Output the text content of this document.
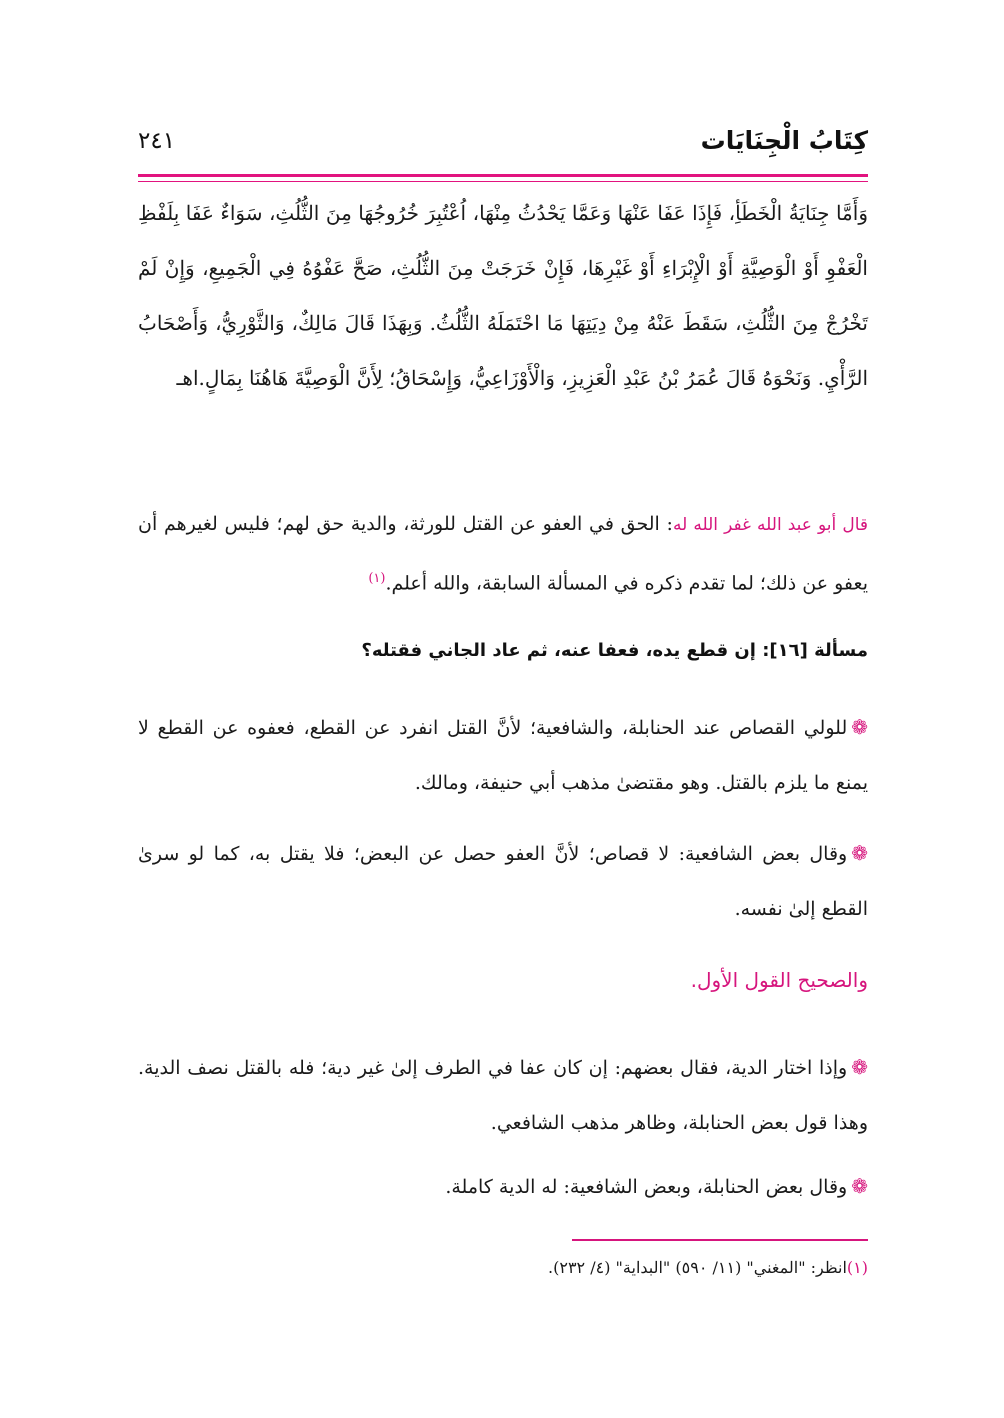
كِتَابُ الْجِنَايَات
٢٤١

وَأَمَّا جِنَايَةُ الْخَطَأِ، فَإِذَا عَفَا عَنْهَا وَعَمَّا يَحْدُثُ مِنْهَا، اُعْتُبِرَ خُرُوجُهَا مِنَ الثُّلُثِ، سَوَاءٌ عَفَا بِلَفْظِ الْعَفْوِ أَوْ الْوَصِيَّةِ أَوْ الْإِبْرَاءِ أَوْ غَيْرِهَا، فَإِنْ خَرَجَتْ مِنَ الثُّلُثِ، صَحَّ عَفْوُهُ فِي الْجَمِيعِ، وَإِنْ لَمْ تَخْرُجْ مِنَ الثُّلُثِ، سَقَطَ عَنْهُ مِنْ دِيَتِهَا مَا احْتَمَلَهُ الثُّلُثُ. وَبِهَذَا قَالَ مَالِكٌ، وَالثَّوْرِيُّ، وَأَصْحَابُ الرَّأْيِ. وَنَحْوَهُ قَالَ عُمَرُ بْنُ عَبْدِ الْعَزِيزِ، وَالْأَوْزَاعِيُّ، وَإِسْحَاقُ؛ لِأَنَّ الْوَصِيَّةَ هَاهُنَا بِمَالٍ.اهـ

قال أبو عبد الله غفر الله له: الحق في العفو عن القتل للورثة، والدية حق لهم؛ فليس لغيرهم أن يعفو عن ذلك؛ لما تقدم ذكره في المسألة السابقة، والله أعلم.$^{(١)}$

مسألة [١٦]: إن قطع يده، فعفا عنه، ثم عاد الجاني فقتله؟

❁للولي القصاص عند الحنابلة، والشافعية؛ لأنَّ القتل انفرد عن القطع، فعفوه عن القطع لا يمنع ما يلزم بالقتل. وهو مقتضىٰ مذهب أبي حنيفة، ومالك.

❁وقال بعض الشافعية: لا قصاص؛ لأنَّ العفو حصل عن البعض؛ فلا يقتل به، كما لو سرىٰ القطع إلىٰ نفسه.

والصحيح القول الأول.

❁وإذا اختار الدية، فقال بعضهم: إن كان عفا في الطرف إلىٰ غير دية؛ فله بالقتل نصف الدية. وهذا قول بعض الحنابلة، وظاهر مذهب الشافعي.

❁وقال بعض الحنابلة، وبعض الشافعية: له الدية كاملة.

(١)انظر: "المغني" (١١/ ٥٩٠) "البداية" (٤/ ٢٣٢).
